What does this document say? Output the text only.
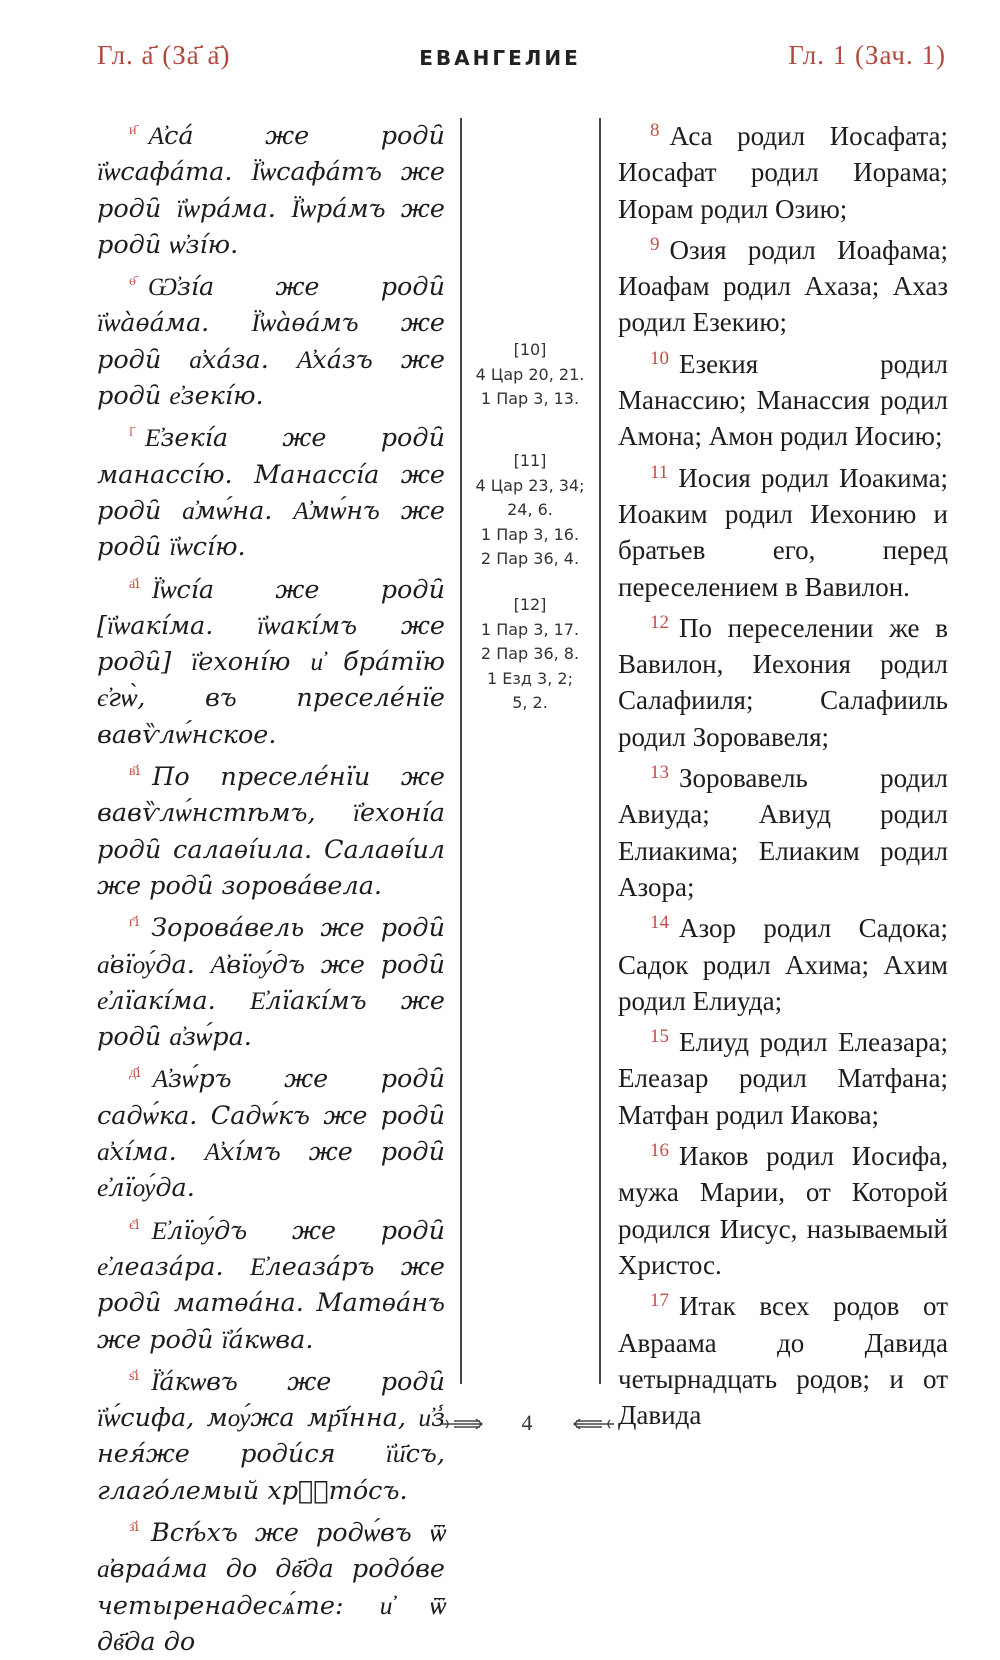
Гл. а҃ (За҃ а҃)	ЕВАНГЕЛИЕ	Гл. 1 (Зач. 1)
$^{и҃}$ А҆са́ же роди̑ ї҆ѡсафа́та. Ї҆ѡсафа́тъ же роди̑ ї҆ѡра́ма. Ї҆ѡра́мъ же роди̑ ѡ҆зі́ю.
$^{ѳ҃}$ Ѡ҆зі́а же роди̑ ї҆ѡа̀ѳа́ма. Ї҆ѡа̀ѳа́мъ же роди̑ а҆ха́за. А҆ха́зъ же роди̑ е҆зекі́ю.
$^{і҃}$ Е҆зекі́а же роди̑ манассі́ю. Манассі́а же роди̑ а҆мѡ́на. А҆мѡ́нъ же роди̑ ї҆ѡсі́ю.
$^{а҃і}$ Ї҆ѡсі́а же роди̑ [ї҆ѡакі́ма. ї҆ѡакі́мъ же роди̑] ї҆ехоні́ю и҆ бра́тїю є҆гѡ̀, въ преселе́нїе вавѷлѡ́нское.
$^{в҃і}$ По преселе́нїи же вавѷлѡ́нстѣмъ, ї҆ехоні́а роди̑ салаѳі́ила. Салаѳі́ил же роди̑ зорова́вела.
$^{г҃і}$ Зорова́вель же роди̑ а҆вїѹ́да. А҆вїѹ́дъ же роди̑ е҆лїакі́ма. Е҆лїакі́мъ же роди̑ а҆зѡ́ра.
$^{д҃і}$ А҆зѡ́ръ же роди̑ садѡ́ка. Садѡ́къ же роди̑ а҆хі́ма. А҆хі́мъ же роди̑ е҆лїѹ́да.
$^{є҃і}$ Е҆лїѹ́дъ же роди̑ е҆леаза́ра. Е҆леаза́ръ же роди̑ матѳа́на. Матѳа́нъ же роди̑ ї҆а́кѡва.
$^{ѕ҃і}$ Ї҆а́кѡвъ же роди̑ ї҆ѡ́сифа, мѹ́жа мр҃і́нна, и҆з̾ нея́же роди́ся ї҆и҃съ, глаго́лемый хрⷭ҇то́съ.
$^{з҃і}$ Всѣ́хъ же родѡ́въ ѿ а҆враа́ма до дв҃да родо́ве четыренадесѧ́те: и҆ ѿ дв҃да до
[10]
4 Цар 20, 21.
1 Пар 3, 13.
[11]
4 Цар 23, 34;
24, 6.
1 Пар 3, 16.
2 Пар 36, 4.
[12]
1 Пар 3, 17.
2 Пар 36, 8.
1 Езд 3, 2;
5, 2.
$^8$ Аса родил Иосафата; Иосафат родил Иорама; Иорам родил Озию;
$^9$ Озия родил Иоафама; Иоафам родил Ахаза; Ахаз родил Езекию;
$^{10}$ Езекия родил Манассию; Манассия родил Амона; Амон родил Иосию;
$^{11}$ Иосия родил Иоакима; Иоаким родил Иехонию и братьев его, перед переселением в Вавилон.
$^{12}$ По переселении же в Вавилон, Иехония родил Салафииля; Салафииль родил Зоровавеля;
$^{13}$ Зоровавель родил Авиуда; Авиуд родил Елиакима; Елиаким родил Азора;
$^{14}$ Азор родил Садока; Садок родил Ахима; Ахим родил Елиуда;
$^{15}$ Елиуд родил Елеазара; Елеазар родил Матфана; Матфан родил Иакова;
$^{16}$ Иаков родил Иосифа, мужа Марии, от Которой родился Иисус, называемый Христос.
$^{17}$ Итак всех родов от Авраама до Давида четырнадцать родов; и от Давида
4
